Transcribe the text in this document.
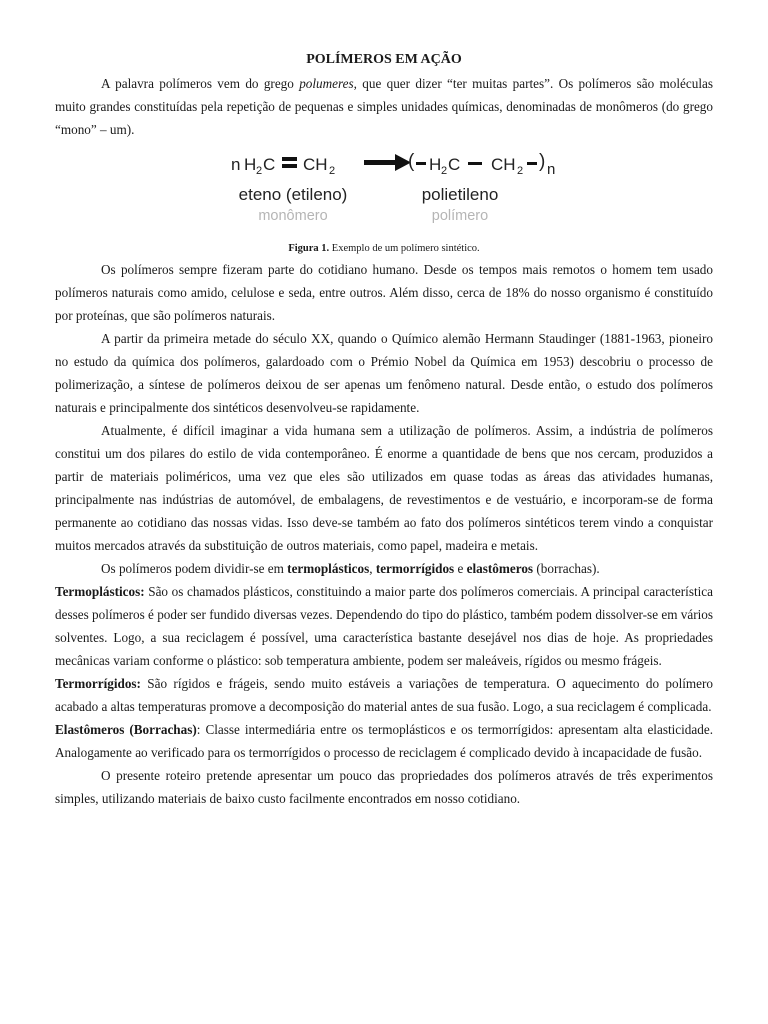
POLÍMEROS EM AÇÃO

A palavra polímeros vem do grego polumeres, que quer dizer “ter muitas partes”. Os polímeros são moléculas muito grandes constituídas pela repetição de pequenas e simples unidades químicas, denominadas de monômeros (do grego “mono” – um).

n H 2 C CH 2	( H 2 C CH 2 ) n
eteno (etileno)
monômero
polietileno
polímero
Figura 1. Exemplo de um polímero sintético.

Os polímeros sempre fizeram parte do cotidiano humano. Desde os tempos mais remotos o homem tem usado polímeros naturais como amido, celulose e seda, entre outros. Além disso, cerca de 18% do nosso organismo é constituído por proteínas, que são polímeros naturais.

A partir da primeira metade do século XX, quando o Químico alemão Hermann Staudinger (1881-1963, pioneiro no estudo da química dos polímeros, galardoado com o Prémio Nobel da Química em 1953) descobriu o processo de polimerização, a síntese de polímeros deixou de ser apenas um fenômeno natural. Desde então, o estudo dos polímeros naturais e principalmente dos sintéticos desenvolveu-se rapidamente.

Atualmente, é difícil imaginar a vida humana sem a utilização de polímeros. Assim, a indústria de polímeros constitui um dos pilares do estilo de vida contemporâneo. É enorme a quantidade de bens que nos cercam, produzidos a partir de materiais poliméricos, uma vez que eles são utilizados em quase todas as áreas das atividades humanas, principalmente nas indústrias de automóvel, de embalagens, de revestimentos e de vestuário, e incorporam-se de forma permanente ao cotidiano das nossas vidas. Isso deve-se também ao fato dos polímeros sintéticos terem vindo a conquistar muitos mercados através da substituição de outros materiais, como papel, madeira e metais.

Os polímeros podem dividir-se em termoplásticos, termorrígidos e elastômeros (borrachas).

Termoplásticos: São os chamados plásticos, constituindo a maior parte dos polímeros comerciais. A principal característica desses polímeros é poder ser fundido diversas vezes. Dependendo do tipo do plástico, também podem dissolver-se em vários solventes. Logo, a sua reciclagem é possível, uma característica bastante desejável nos dias de hoje. As propriedades mecânicas variam conforme o plástico: sob temperatura ambiente, podem ser maleáveis, rígidos ou mesmo frágeis.

Termorrígidos: São rígidos e frágeis, sendo muito estáveis a variações de temperatura. O aquecimento do polímero acabado a altas temperaturas promove a decomposição do material antes de sua fusão. Logo, a sua reciclagem é complicada.

Elastômeros (Borrachas): Classe intermediária entre os termoplásticos e os termorrígidos: apresentam alta elasticidade. Analogamente ao verificado para os termorrígidos o processo de reciclagem é complicado devido à incapacidade de fusão.

O presente roteiro pretende apresentar um pouco das propriedades dos polímeros através de três experimentos simples, utilizando materiais de baixo custo facilmente encontrados em nosso cotidiano.
